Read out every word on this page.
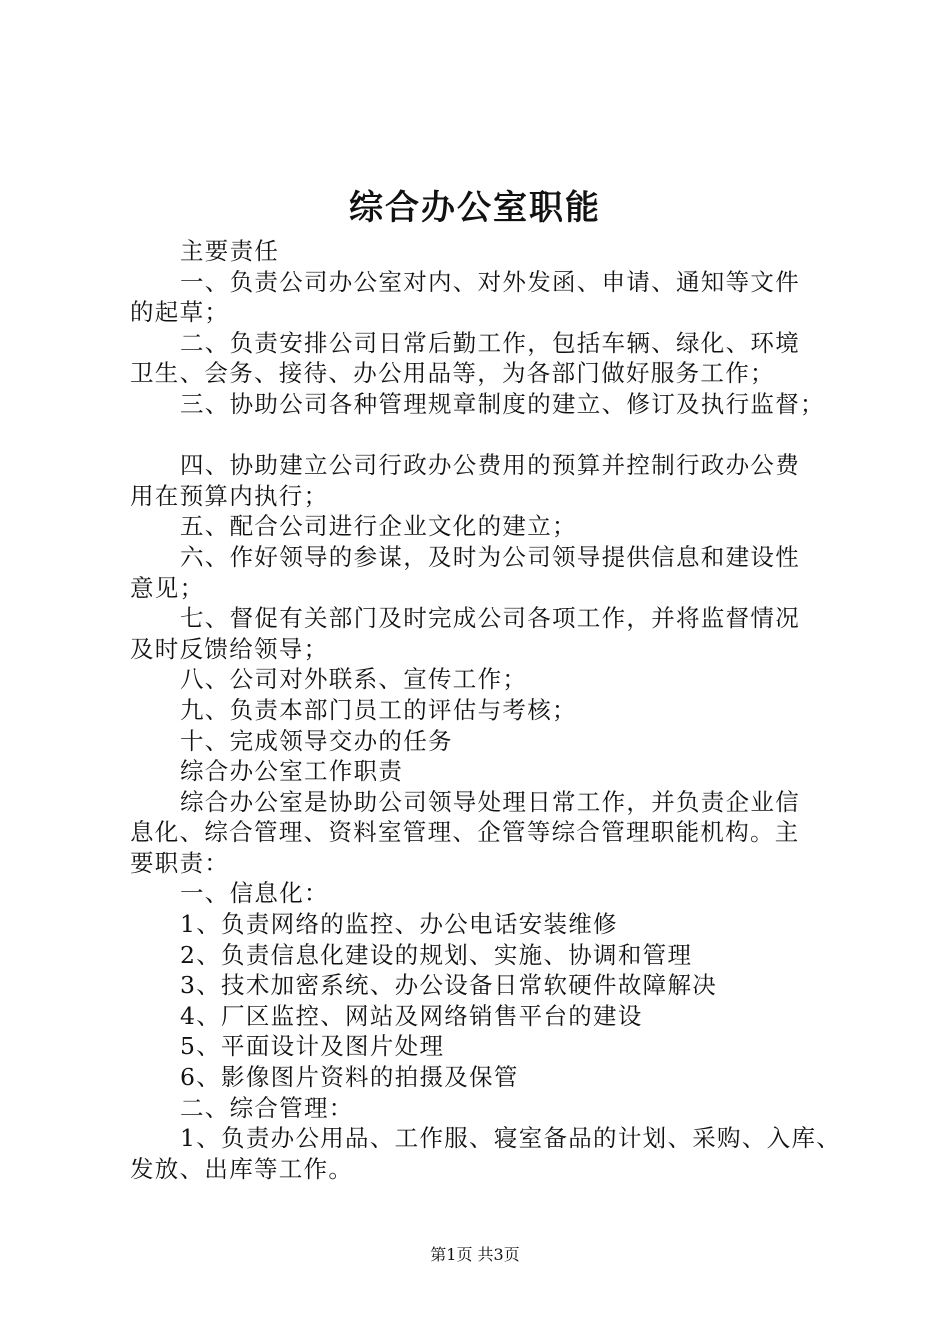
综合办公室职能
主要责任
一、负责公司办公室对内、对外发函、申请、通知等文件
的起草；
二、负责安排公司日常后勤工作，包括车辆、绿化、环境
卫生、会务、接待、办公用品等，为各部门做好服务工作；
三、协助公司各种管理规章制度的建立、修订及执行监督；
四、协助建立公司行政办公费用的预算并控制行政办公费
用在预算内执行；
五、配合公司进行企业文化的建立；
六、作好领导的参谋，及时为公司领导提供信息和建设性
意见；
七、督促有关部门及时完成公司各项工作，并将监督情况
及时反馈给领导；
八、公司对外联系、宣传工作；
九、负责本部门员工的评估与考核；
十、完成领导交办的任务
综合办公室工作职责
综合办公室是协助公司领导处理日常工作，并负责企业信
息化、综合管理、资料室管理、企管等综合管理职能机构。主
要职责：
一、信息化：
1、负责网络的监控、办公电话安装维修
2、负责信息化建设的规划、实施、协调和管理
3、技术加密系统、办公设备日常软硬件故障解决
4、厂区监控、网站及网络销售平台的建设
5、平面设计及图片处理
6、影像图片资料的拍摄及保管
二、综合管理：
1、负责办公用品、工作服、寝室备品的计划、采购、入库、
发放、出库等工作。
第1页 共3页
